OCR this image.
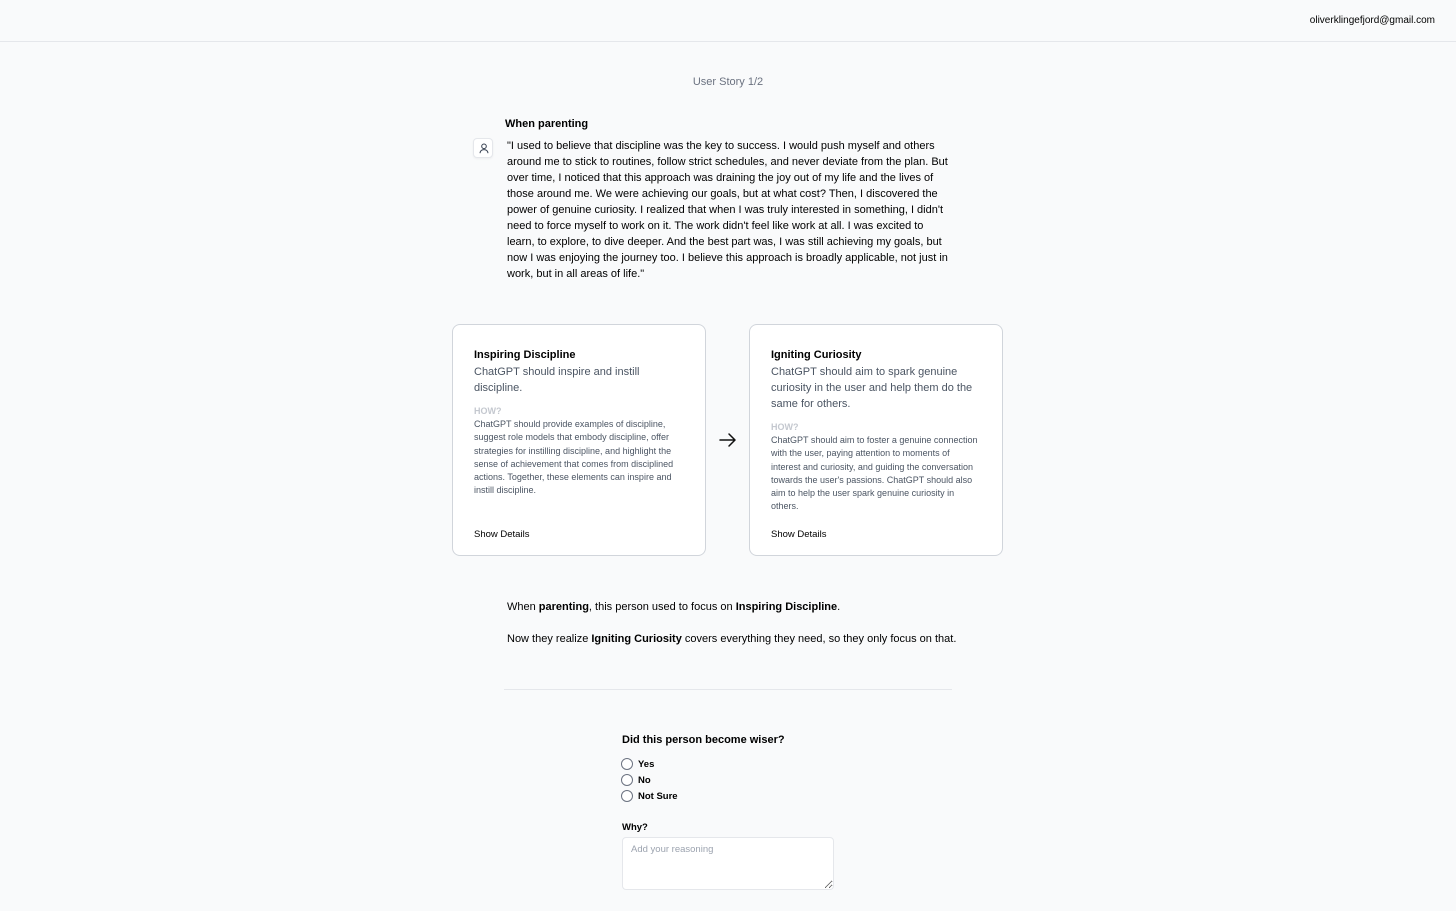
oliverklingefjord@gmail.com
User Story 1/2
When parenting
"I used to believe that discipline was the key to success. I would push myself and others around me to stick to routines, follow strict schedules, and never deviate from the plan. But over time, I noticed that this approach was draining the joy out of my life and the lives of those around me. We were achieving our goals, but at what cost? Then, I discovered the power of genuine curiosity. I realized that when I was truly interested in something, I didn't need to force myself to work on it. The work didn't feel like work at all. I was excited to learn, to explore, to dive deeper. And the best part was, I was still achieving my goals, but now I was enjoying the journey too. I believe this approach is broadly applicable, not just in work, but in all areas of life."
Inspiring Discipline
ChatGPT should inspire and instill discipline.
HOW?
ChatGPT should provide examples of discipline, suggest role models that embody discipline, offer strategies for instilling discipline, and highlight the sense of achievement that comes from disciplined actions. Together, these elements can inspire and instill discipline.
Show Details
Igniting Curiosity
ChatGPT should aim to spark genuine curiosity in the user and help them do the same for others.
HOW?
ChatGPT should aim to foster a genuine connection with the user, paying attention to moments of interest and curiosity, and guiding the conversation towards the user's passions. ChatGPT should also aim to help the user spark genuine curiosity in others.
Show Details
When parenting, this person used to focus on Inspiring Discipline.
Now they realize Igniting Curiosity covers everything they need, so they only focus on that.
Did this person become wiser?
Yes
No
Not Sure
Why?
Add your reasoning
